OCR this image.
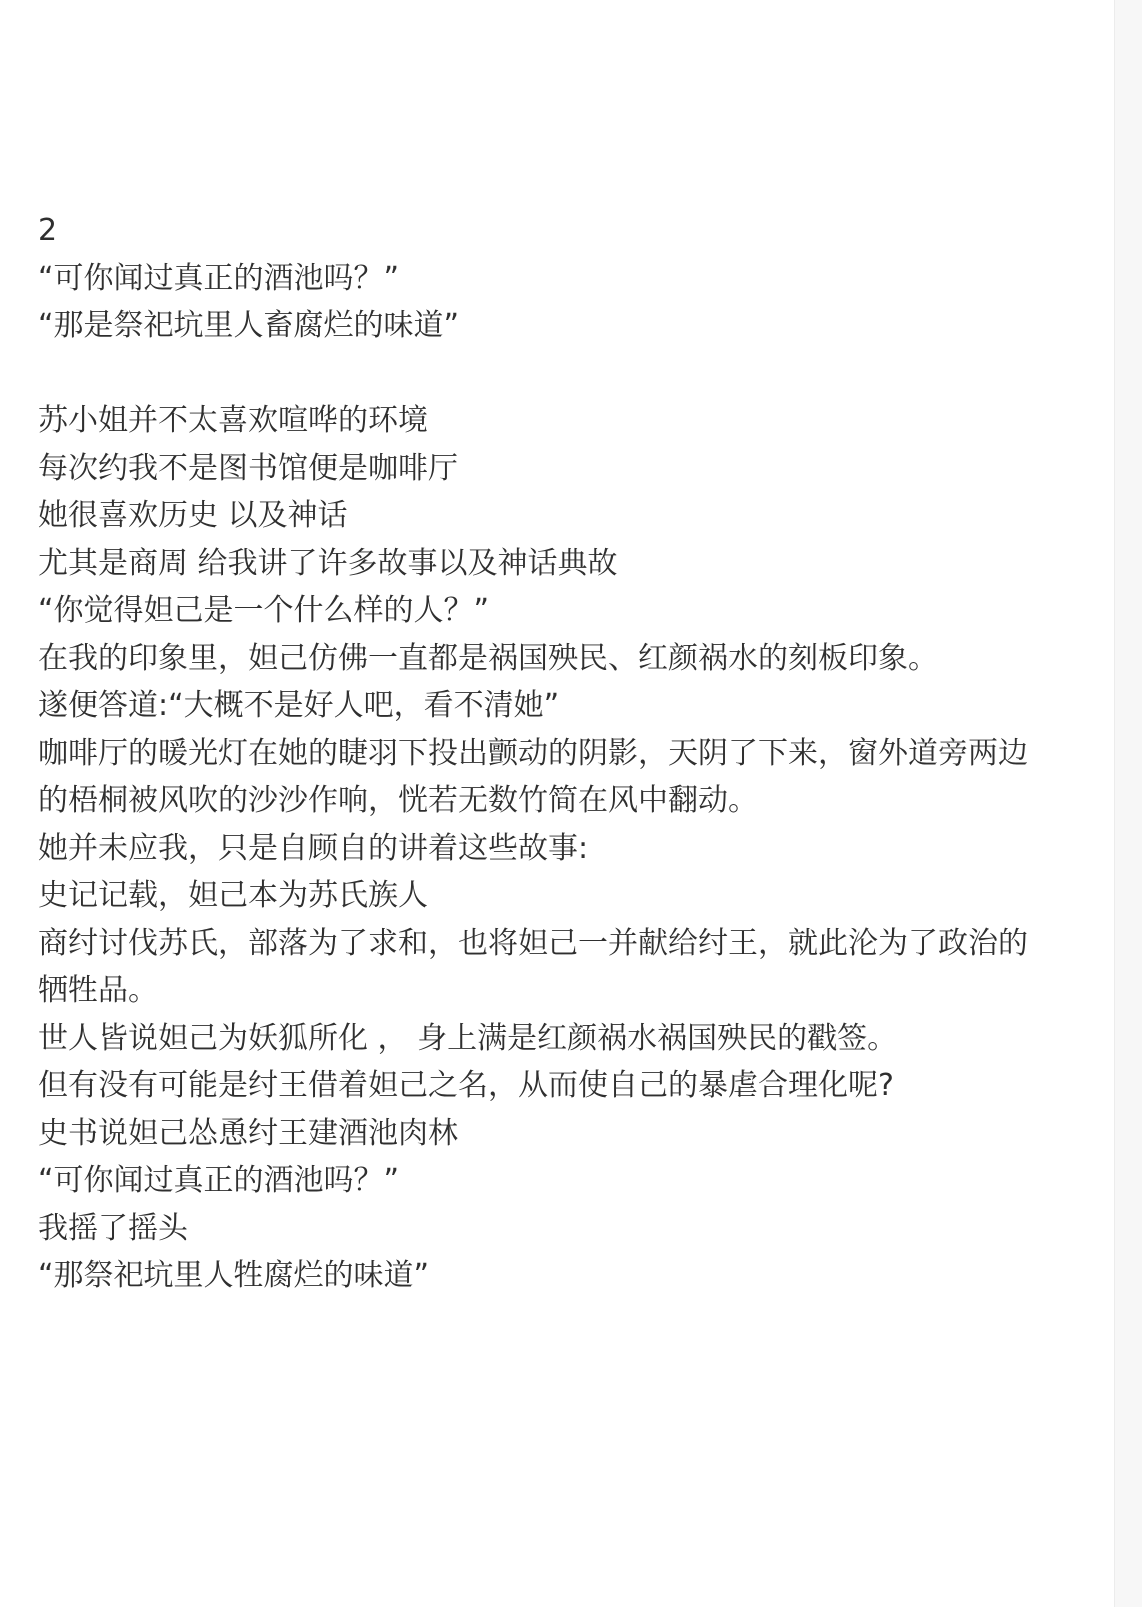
2
“可你闻过真正的酒池吗？”
“那是祭祀坑里人畜腐烂的味道”
苏小姐并不太喜欢喧哗的环境
每次约我不是图书馆便是咖啡厅
她很喜欢历史 以及神话
尤其是商周 给我讲了许多故事以及神话典故
“你觉得妲己是一个什么样的人？”
在我的印象里，妲己仿佛一直都是祸国殃民、红颜祸水的刻板印象。
遂便答道:“大概不是好人吧，看不清她”
咖啡厅的暖光灯在她的睫羽下投出颤动的阴影，天阴了下来，窗外道旁两边
的梧桐被风吹的沙沙作响，恍若无数竹简在风中翻动。
她并未应我，只是自顾自的讲着这些故事:
史记记载，妲己本为苏氏族人
商纣讨伐苏氏，部落为了求和，也将妲己一并献给纣王，就此沦为了政治的
牺牲品。
世人皆说妲己为妖狐所化 ， 身上满是红颜祸水祸国殃民的戳签。
但有没有可能是纣王借着妲己之名，从而使自己的暴虐合理化呢?
史书说妲己怂恿纣王建酒池肉林
“可你闻过真正的酒池吗？”
我摇了摇头
“那祭祀坑里人牲腐烂的味道”
